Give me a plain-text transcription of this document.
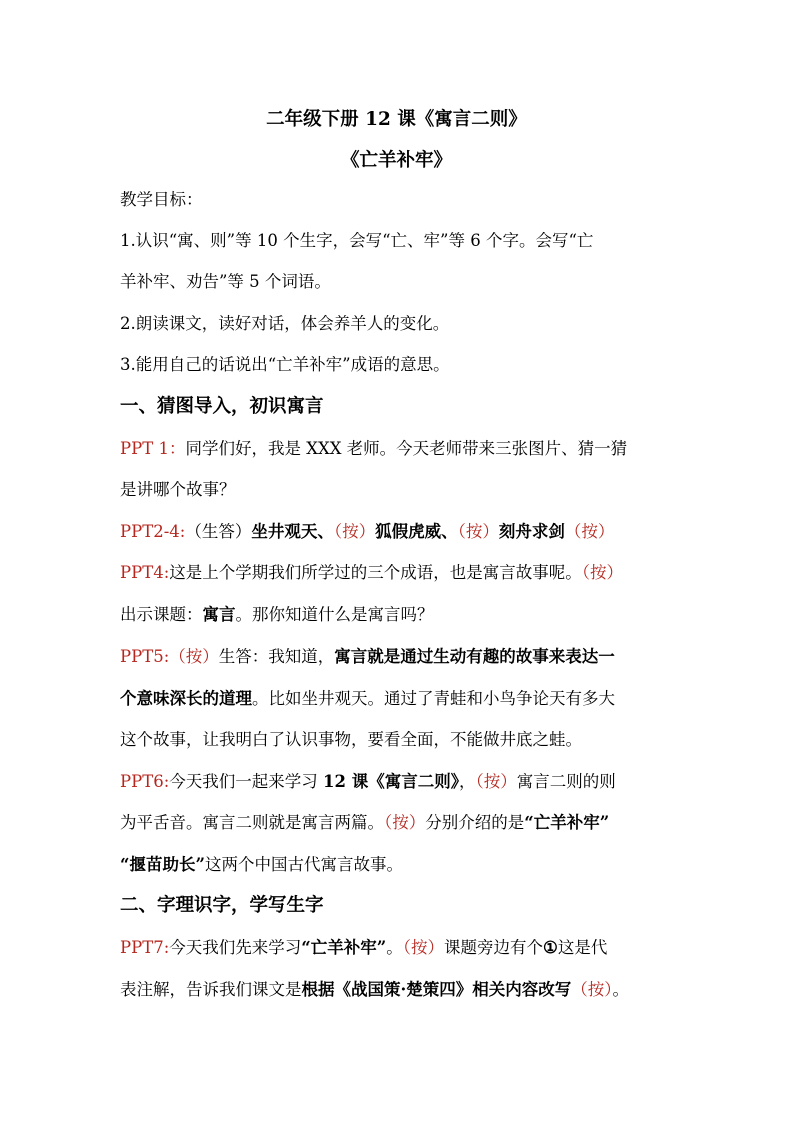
二年级下册 12 课《寓言二则》
《亡羊补牢》
教学目标：
1.认识“寓、则”等 10 个生字，会写“亡、牢”等 6 个字。会写“亡
羊补牢、劝告”等 5 个词语。
2.朗读课文，读好对话，体会养羊人的变化。
3.能用自己的话说出“亡羊补牢”成语的意思。
一、猜图导入，初识寓言
PPT 1：同学们好，我是 XXX 老师。今天老师带来三张图片、猜一猜
是讲哪个故事？
PPT2-4:（生答）坐井观天、（按）狐假虎威、（按）刻舟求剑（按）
PPT4:这是上个学期我们所学过的三个成语，也是寓言故事呢。（按）
出示课题：寓言。那你知道什么是寓言吗？
PPT5:（按）生答：我知道，寓言就是通过生动有趣的故事来表达一
个意味深长的道理。比如坐井观天。通过了青蛙和小鸟争论天有多大
这个故事，让我明白了认识事物，要看全面，不能做井底之蛙。
PPT6:今天我们一起来学习 12 课《寓言二则》，（按）寓言二则的则
为平舌音。寓言二则就是寓言两篇。（按）分别介绍的是“亡羊补牢”
“揠苗助长”这两个中国古代寓言故事。
二、字理识字，学写生字
PPT7:今天我们先来学习“亡羊补牢”。（按）课题旁边有个①这是代
表注解，告诉我们课文是根据《战国策·楚策四》相关内容改写（按）。
